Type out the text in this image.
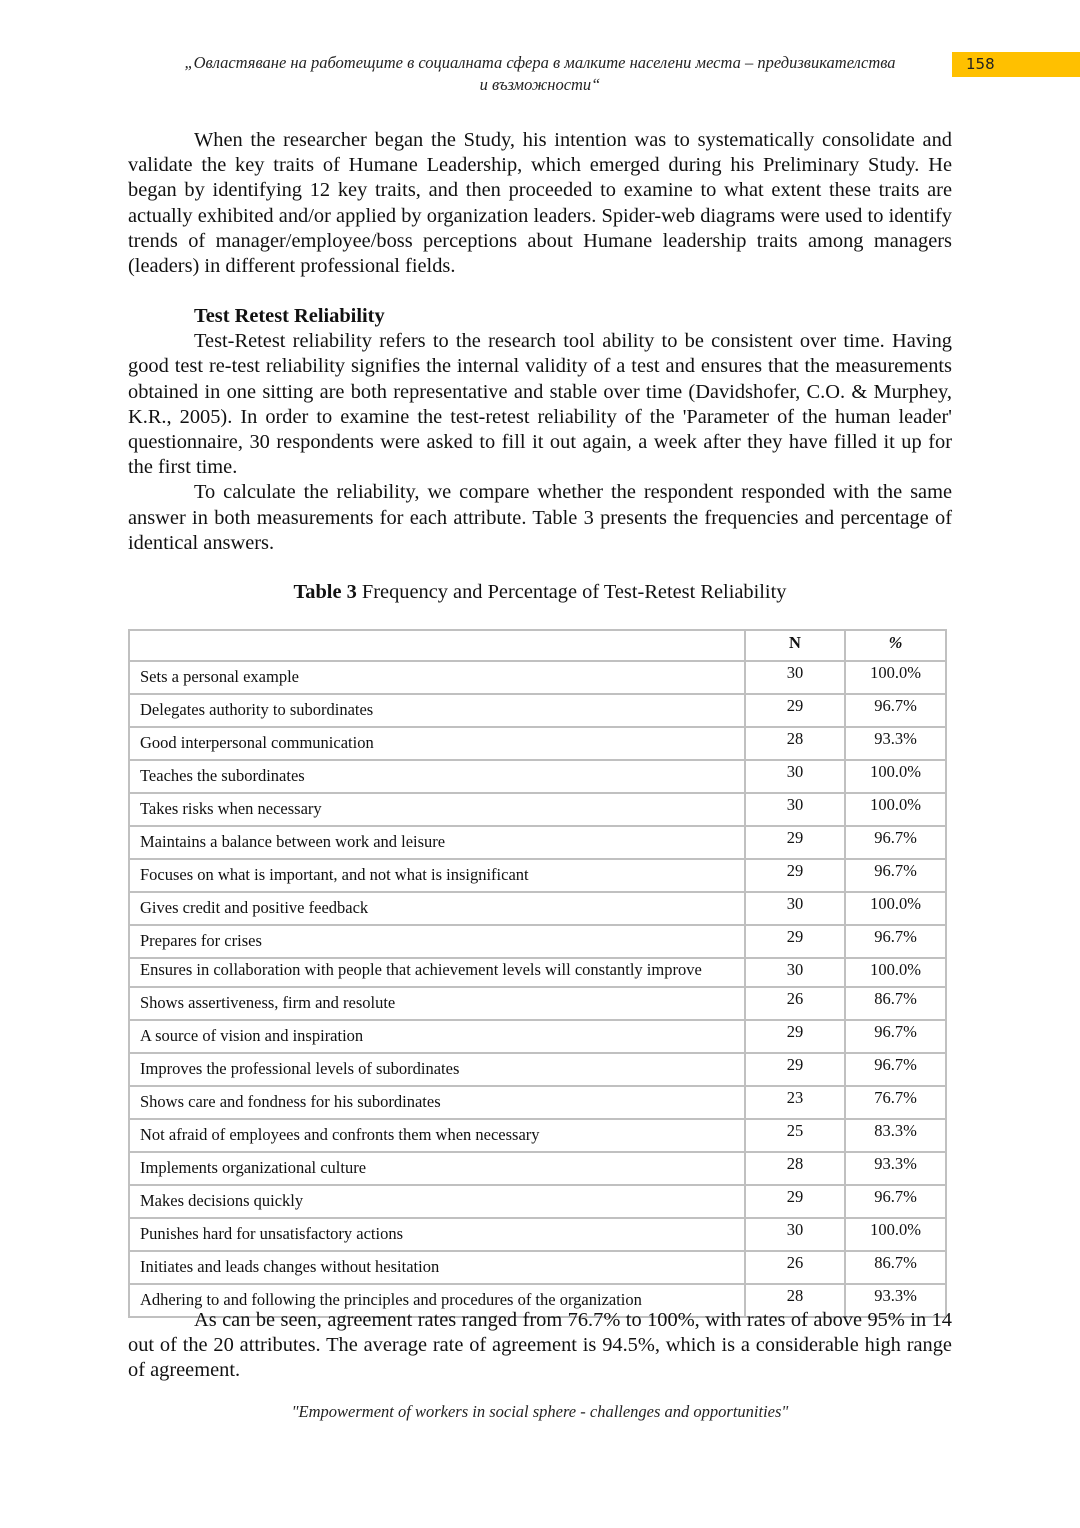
„Овластяване на работещите в социалната сфера в малките населени места – предизвикателства
и възможности“
158

When the researcher began the Study, his intention was to systematically consolidate and validate the key traits of Humane Leadership, which emerged during his Preliminary Study. He began by identifying 12 key traits, and then proceeded to examine to what extent these traits are actually exhibited and/or applied by organization leaders. Spider-web diagrams were used to identify trends of manager/employee/boss perceptions about Humane leadership traits among managers (leaders) in different professional fields.

Test Retest Reliability

Test-Retest reliability refers to the research tool ability to be consistent over time. Having good test re-test reliability signifies the internal validity of a test and ensures that the measurements obtained in one sitting are both representative and stable over time (Davidshofer, C.O. & Murphey, K.R., 2005). In order to examine the test-retest reliability of the 'Parameter of the human leader' questionnaire, 30 respondents were asked to fill it out again, a week after they have filled it up for the first time.

To calculate the reliability, we compare whether the respondent responded with the same answer in both measurements for each attribute. Table 3 presents the frequencies and percentage of identical answers.

Table 3 Frequency and Percentage of Test-Retest Reliability
	N	%
Sets a personal example	30	100.0%
Delegates authority to subordinates	29	96.7%
Good interpersonal communication	28	93.3%
Teaches the subordinates	30	100.0%
Takes risks when necessary	30	100.0%
Maintains a balance between work and leisure	29	96.7%
Focuses on what is important, and not what is insignificant	29	96.7%
Gives credit and positive feedback	30	100.0%
Prepares for crises	29	96.7%
Ensures in collaboration with people that achievement levels will constantly improve	30	100.0%
Shows assertiveness, firm and resolute	26	86.7%
A source of vision and inspiration	29	96.7%
Improves the professional levels of subordinates	29	96.7%
Shows care and fondness for his subordinates	23	76.7%
Not afraid of employees and confronts them when necessary	25	83.3%
Implements organizational culture	28	93.3%
Makes decisions quickly	29	96.7%
Punishes hard for unsatisfactory actions	30	100.0%
Initiates and leads changes without hesitation	26	86.7%
Adhering to and following the principles and procedures of the organization	28	93.3%

As can be seen, agreement rates ranged from 76.7% to 100%, with rates of above 95% in 14 out of the 20 attributes. The average rate of agreement is 94.5%, which is a considerable high range of agreement.

"Empowerment of workers in social sphere - challenges and opportunities"
